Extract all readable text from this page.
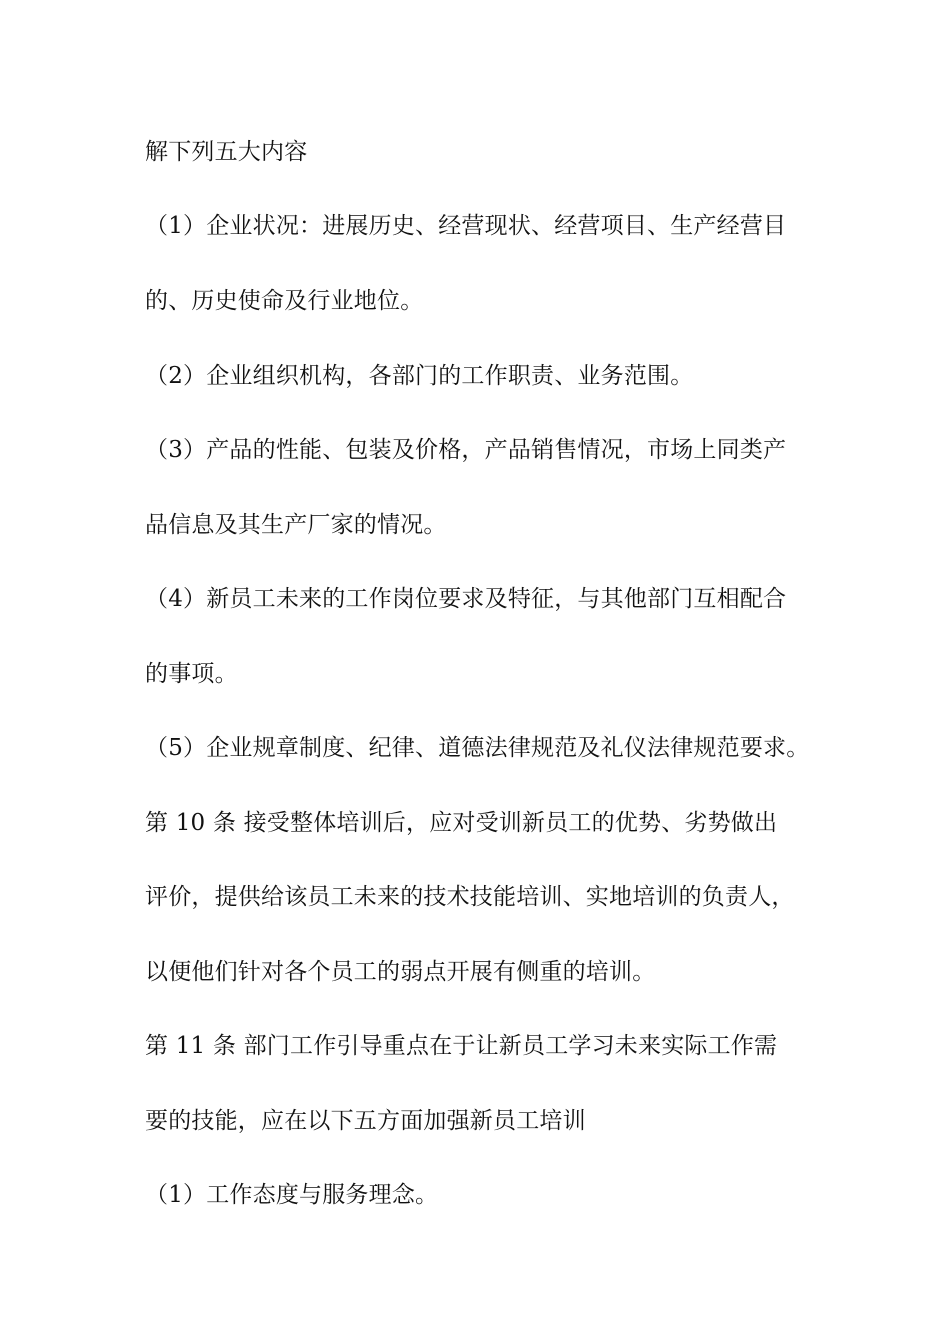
解下列五大内容

（1）企业状况：进展历史、经营现状、经营项目、生产经营目

的、历史使命及行业地位。

（2）企业组织机构，各部门的工作职责、业务范围。

（3）产品的性能、包装及价格，产品销售情况，市场上同类产

品信息及其生产厂家的情况。

（4）新员工未来的工作岗位要求及特征，与其他部门互相配合

的事项。

（5）企业规章制度、纪律、道德法律规范及礼仪法律规范要求。

第 10 条 接受整体培训后，应对受训新员工的优势、劣势做出

评价，提供给该员工未来的技术技能培训、实地培训的负责人，

以便他们针对各个员工的弱点开展有侧重的培训。

第 11 条 部门工作引导重点在于让新员工学习未来实际工作需

要的技能，应在以下五方面加强新员工培训

（1）工作态度与服务理念。
